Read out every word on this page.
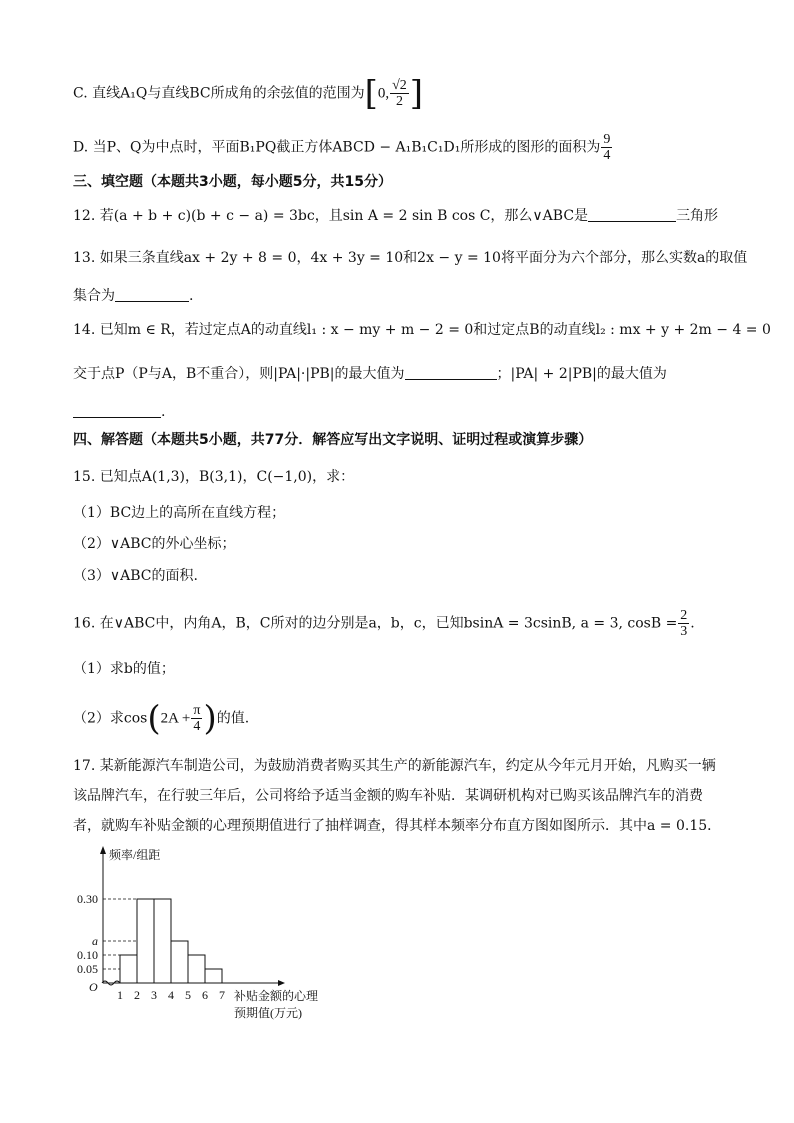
C. 直线A₁Q与直线BC所成角的余弦值的范围为[0, $\frac{√2}{2}$ ]
D. 当P、Q为中点时，平面B₁PQ截正方体ABCD − A₁B₁C₁D₁所形成的图形的面积为 $\frac{9}{4}$
三、填空题（本题共3小题，每小题5分，共15分）
12. 若(a + b + c)(b + c − a) = 3bc，且sin A = 2 sin B cos C，那么∨ABC是	三角形
13. 如果三条直线ax + 2y + 8 = 0，4x + 3y = 10和2x − y = 10将平面分为六个部分，那么实数a的取值
集合为	.
14. 已知m ∈ R，若过定点A的动直线l₁ : x − my + m − 2 = 0和过定点B的动直线l₂ : mx + y + 2m − 4 = 0
交于点P（P与A，B不重合），则|PA|·|PB|的最大值为	；|PA| + 2|PB|的最大值为
.
四、解答题（本题共5小题，共77分．解答应写出文字说明、证明过程或演算步骤）
15. 已知点A(1,3)，B(3,1)，C(−1,0)，求：
（1）BC边上的高所在直线方程；
（2）∨ABC的外心坐标；
（3）∨ABC的面积.
16. 在∨ABC中，内角A，B，C所对的边分别是a，b，c，已知bsinA = 3csinB, a = 3, $\cos B = \frac{2}{3}$ .
（1）求b的值；
（2）求$\cos(2A + \frac{\pi}{4}$ )的值.
17. 某新能源汽车制造公司，为鼓励消费者购买其生产的新能源汽车，约定从今年元月开始，凡购买一辆
该品牌汽车，在行驶三年后，公司将给予适当金额的购车补贴．某调研机构对已购买该品牌汽车的消费
者，就购车补贴金额的心理预期值进行了抽样调查，得其样本频率分布直方图如图所示．其中a = 0.15．
0.30
a
0.10
0.05
1 2 3 4 5 6 7
O
频率/组距
补贴金额的心理
预期值(万元)
